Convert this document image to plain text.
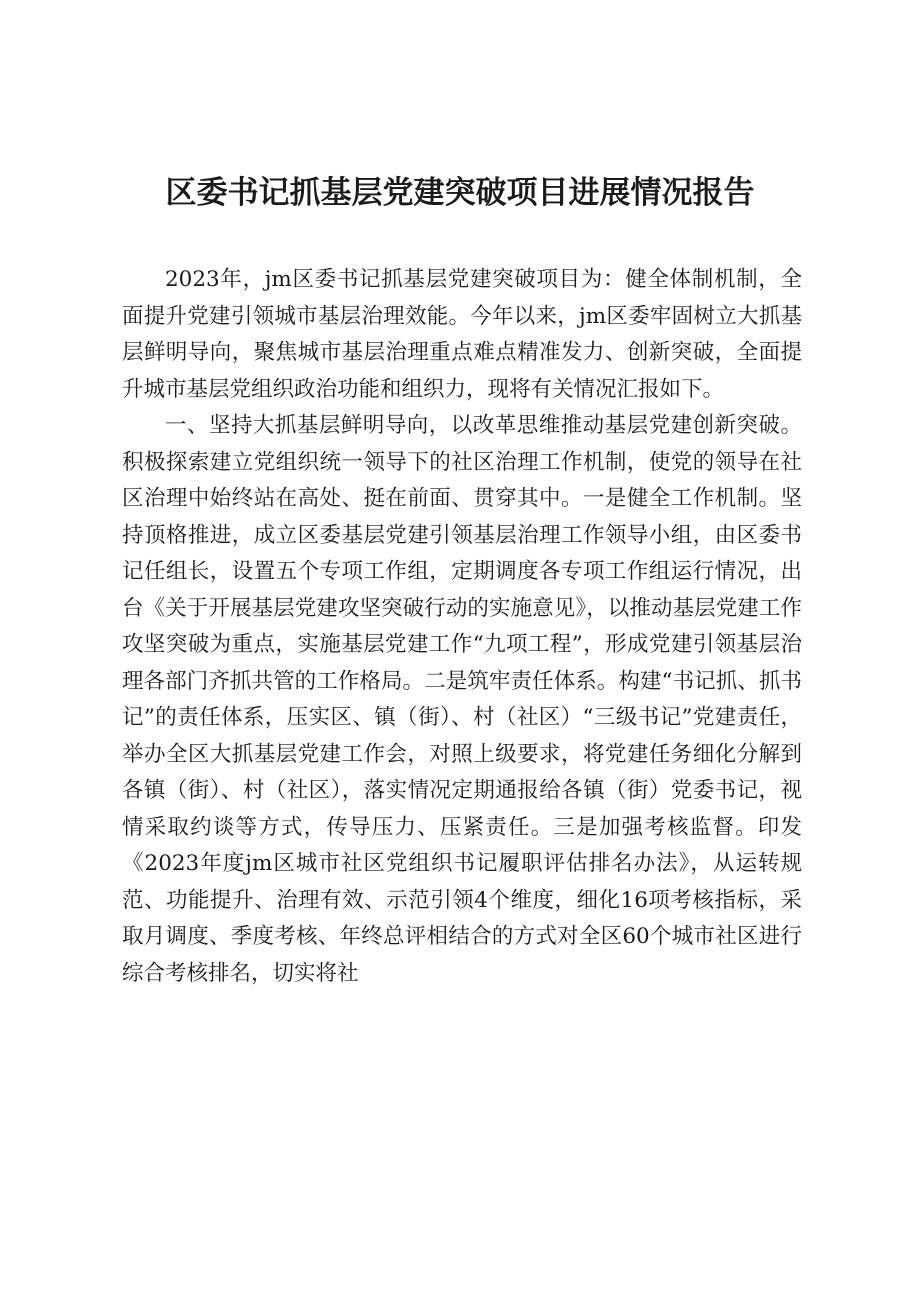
区委书记抓基层党建突破项目进展情况报告

2023年，jm区委书记抓基层党建突破项目为：健全体制机制，全面提升党建引领城市基层治理效能。今年以来，jm区委牢固树立大抓基层鲜明导向，聚焦城市基层治理重点难点精准发力、创新突破，全面提升城市基层党组织政治功能和组织力，现将有关情况汇报如下。

一、坚持大抓基层鲜明导向，以改革思维推动基层党建创新突破。积极探索建立党组织统一领导下的社区治理工作机制，使党的领导在社区治理中始终站在高处、挺在前面、贯穿其中。一是健全工作机制。坚持顶格推进，成立区委基层党建引领基层治理工作领导小组，由区委书记任组长，设置五个专项工作组，定期调度各专项工作组运行情况，出台《关于开展基层党建攻坚突破行动的实施意见》，以推动基层党建工作攻坚突破为重点，实施基层党建工作“九项工程”，形成党建引领基层治理各部门齐抓共管的工作格局。二是筑牢责任体系。构建“书记抓、抓书记”的责任体系，压实区、镇（街）、村（社区）“三级书记”党建责任，举办全区大抓基层党建工作会，对照上级要求，将党建任务细化分解到各镇（街）、村（社区），落实情况定期通报给各镇（街）党委书记，视情采取约谈等方式，传导压力、压紧责任。三是加强考核监督。印发《2023年度jm区城市社区党组织书记履职评估排名办法》，从运转规范、功能提升、治理有效、示范引领4个维度，细化16项考核指标，采取月调度、季度考核、年终总评相结合的方式对全区60个城市社区进行综合考核排名，切实将社
